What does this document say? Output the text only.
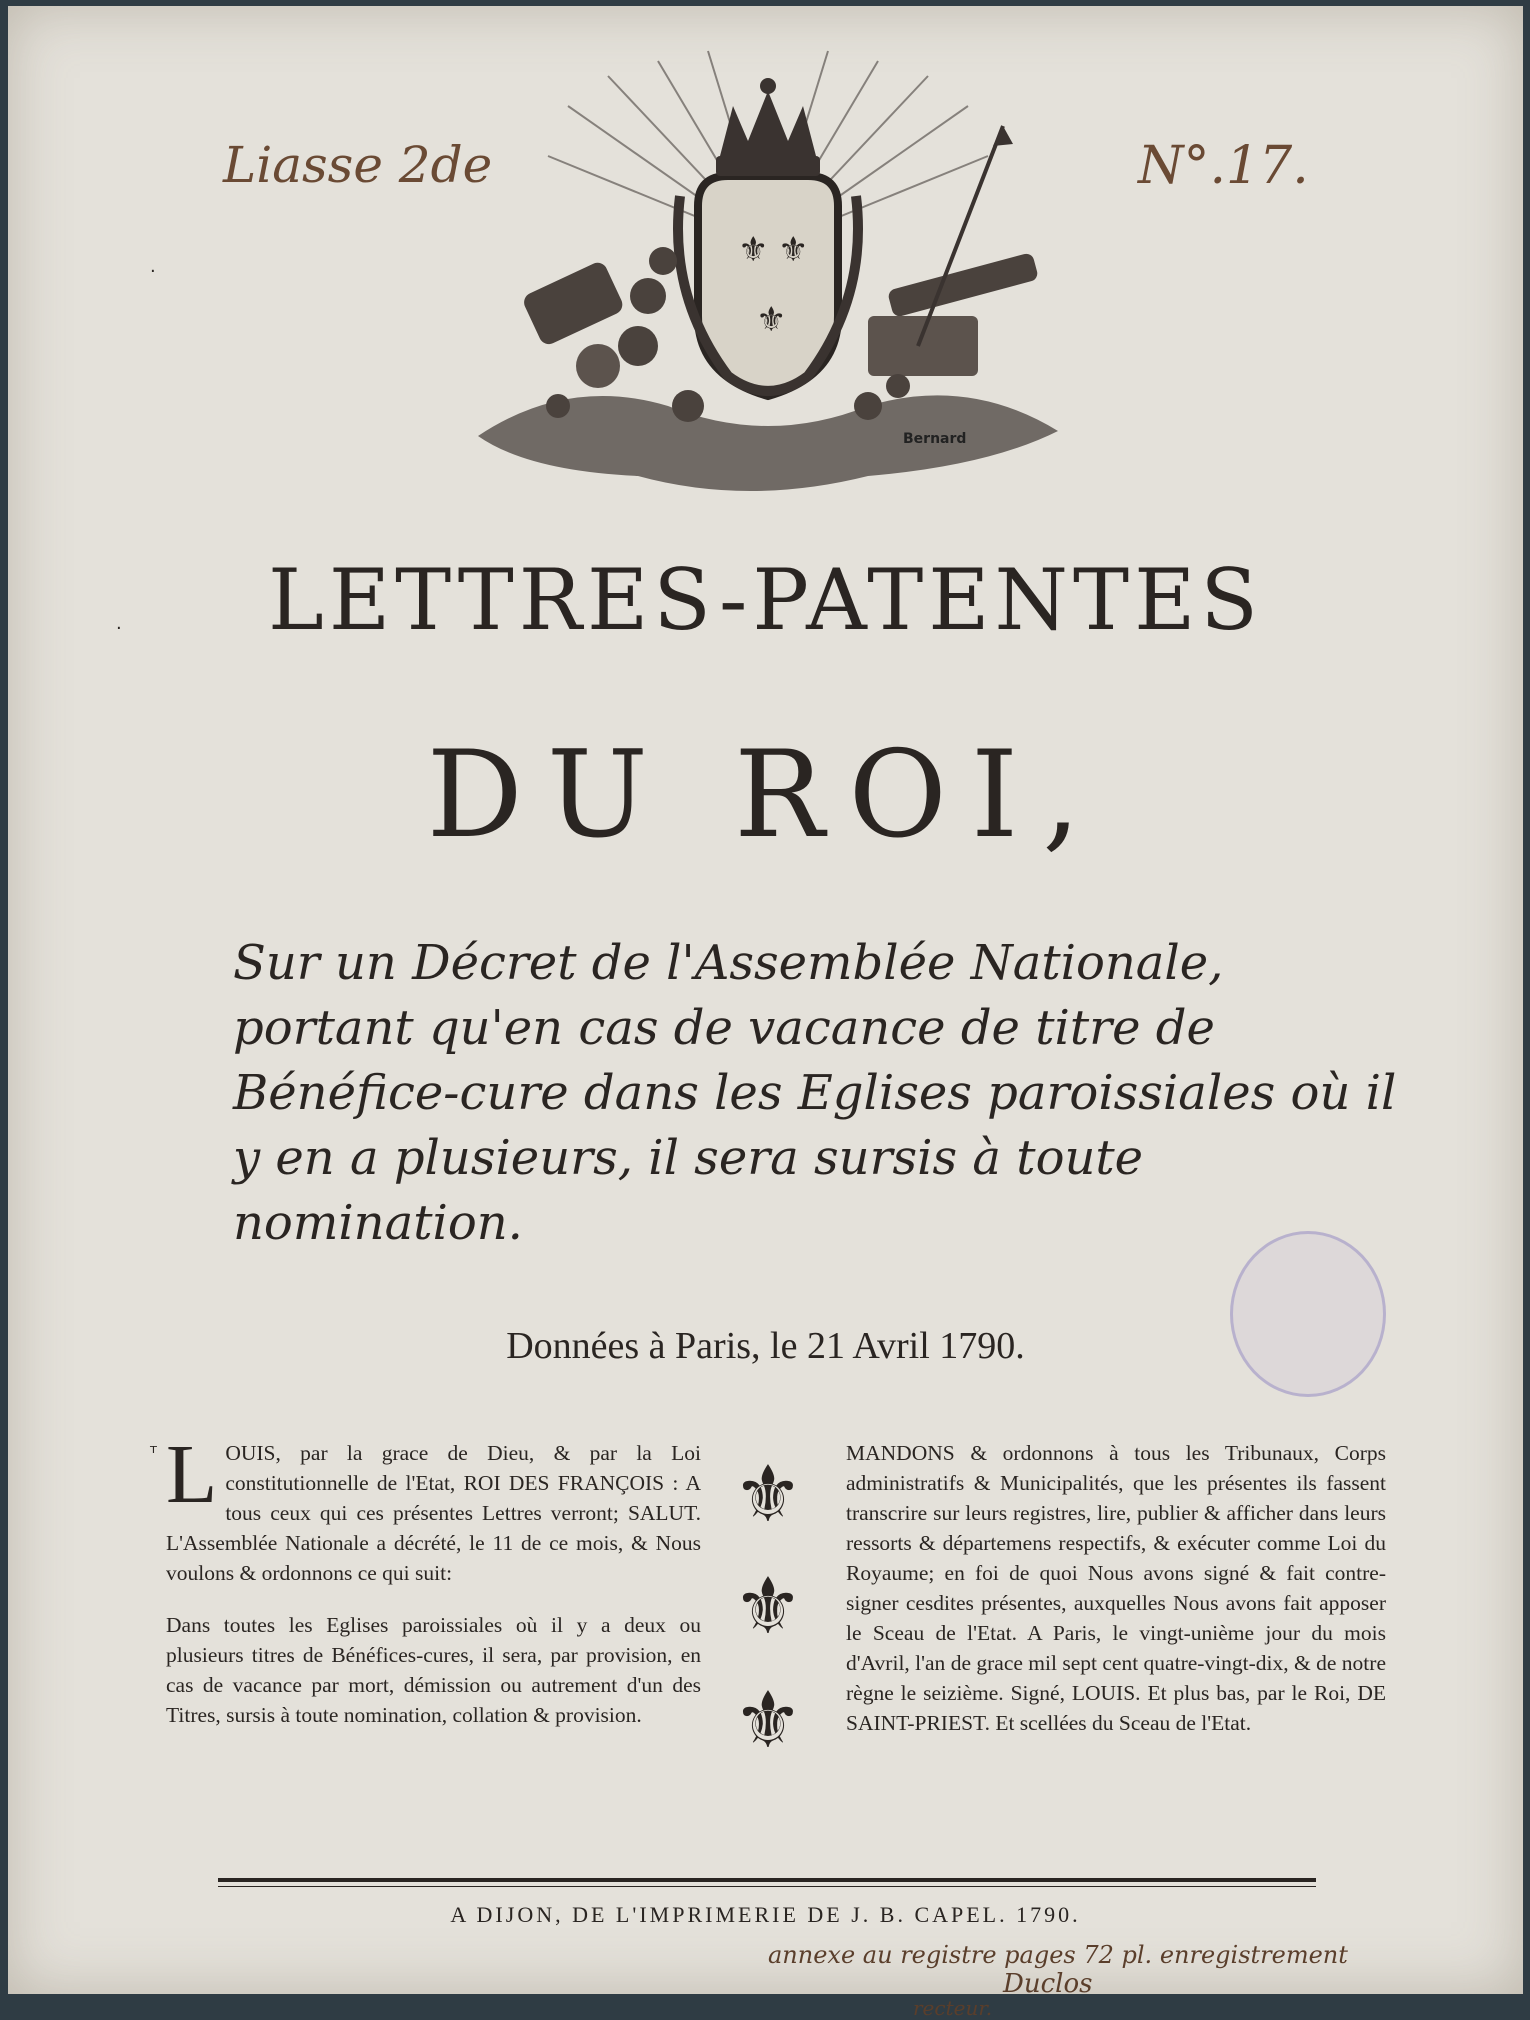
Liasse 2de	N°.17.
⚜ ⚜
⚜
Bernard
LETTRES-PATENTES
DU ROI,
Sur un Décret de l'Assemblée Nationale, portant qu'en cas de vacance de titre de Bénéfice-cure dans les Eglises paroissiales où il y en a plusieurs, il sera sursis à toute nomination.
Données à Paris, le 21 Avril 1790.
L OUIS, par la grace de Dieu, & par la Loi constitutionnelle de l'Etat, ROI DES FRANÇOIS : A tous ceux qui ces présentes Lettres verront; SALUT. L'Assemblée Nationale a décrété, le 11 de ce mois, & Nous voulons & ordonnons ce qui suit:
Dans toutes les Eglises paroissiales où il y a deux ou plusieurs titres de Bénéfices-cures, il sera, par provision, en cas de vacance par mort, démission ou autrement d'un des Titres, sursis à toute nomination, collation & provision.
⚜
⚜
⚜
MANDONS & ordonnons à tous les Tribunaux, Corps administratifs & Municipalités, que les présentes ils fassent transcrire sur leurs registres, lire, publier & afficher dans leurs ressorts & départemens respectifs, & exécuter comme Loi du Royaume; en foi de quoi Nous avons signé & fait contre-signer cesdites présentes, auxquelles Nous avons fait apposer le Sceau de l'Etat. A Paris, le vingt-unième jour du mois d'Avril, l'an de grace mil sept cent quatre-vingt-dix, & de notre règne le seizième. Signé, LOUIS. Et plus bas, par le Roi, DE SAINT-PRIEST. Et scellées du Sceau de l'Etat.
A DIJON, DE L'IMPRIMERIE DE J. B. CAPEL. 1790.
annexe au registre pages 72 pl. enregistrement
Duclos
recteur.
·
·
ᵀ
